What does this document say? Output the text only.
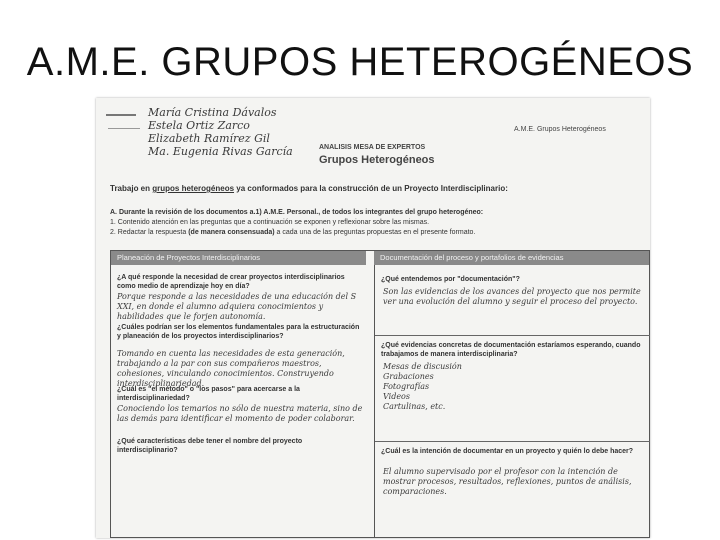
A.M.E. GRUPOS HETEROGÉNEOS
María Cristina Dávalos
Estela Ortiz Zarco
Elizabeth Ramírez Gil
Ma. Eugenia Rivas García
A.M.E. Grupos Heterogéneos
ANALISIS MESA DE EXPERTOS
Grupos Heterogéneos
Trabajo en grupos heterogéneos ya conformados para la construcción de un Proyecto Interdisciplinario:
A. Durante la revisión de los documentos a.1) A.M.E. Personal., de todos los integrantes del grupo heterogéneo:
1. Contenido atención en las preguntas que a continuación se exponen y reflexionar sobre las mismas.
2. Redactar la respuesta (de manera consensuada) a cada una de las preguntas propuestas en el presente formato.
Planeación de Proyectos Interdisciplinarios	Documentación del proceso y portafolios de evidencias
¿A qué responde la necesidad de crear proyectos interdisciplinarios como medio de aprendizaje hoy en día?
Porque responde a las necesidades de una educación del S XXI, en donde el alumno adquiera conocimientos y habilidades que le forjen autonomía.
¿Cuáles podrían ser los elementos fundamentales para la estructuración y planeación de los proyectos interdisciplinarios?
Tomando en cuenta las necesidades de esta generación, trabajando a la par con sus compañeros maestros, cohesiones, vinculando conocimientos. Construyendo interdisciplinariedad.
¿Cuál es "el método" o "los pasos" para acercarse a la interdisciplinariedad?
Conociendo los temarios no sólo de nuestra materia, sino de las demás para identificar el momento de poder colaborar.
¿Qué características debe tener el nombre del proyecto interdisciplinario?
¿Qué entendemos por "documentación"?
Son las evidencias de los avances del proyecto que nos permite ver una evolución del alumno y seguir el proceso del proyecto.
¿Qué evidencias concretas de documentación estaríamos esperando, cuando trabajamos de manera interdisciplinaria?
Mesas de discusión
Grabaciones
Fotografías
Videos
Cartulinas, etc.
¿Cuál es la intención de documentar en un proyecto y quién lo debe hacer?
El alumno supervisado por el profesor con la intención de mostrar procesos, resultados, reflexiones, puntos de análisis, comparaciones.
